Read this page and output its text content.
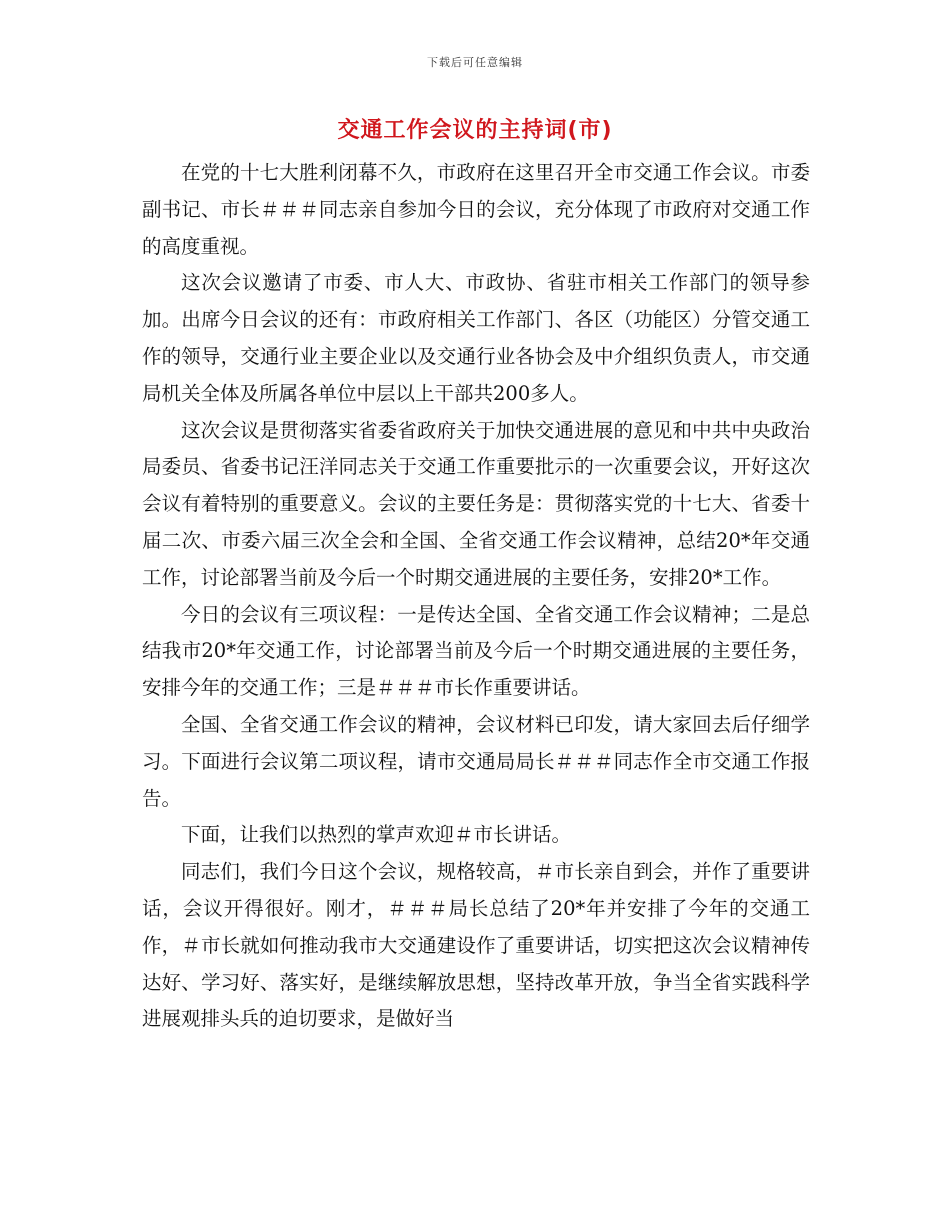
下载后可任意编辑
交通工作会议的主持词(市)

在党的十七大胜利闭幕不久，市政府在这里召开全市交通工作会议。市委副书记、市长＃＃＃同志亲自参加今日的会议，充分体现了市政府对交通工作的高度重视。

这次会议邀请了市委、市人大、市政协、省驻市相关工作部门的领导参加。出席今日会议的还有：市政府相关工作部门、各区（功能区）分管交通工作的领导，交通行业主要企业以及交通行业各协会及中介组织负责人，市交通局机关全体及所属各单位中层以上干部共200多人。

这次会议是贯彻落实省委省政府关于加快交通进展的意见和中共中央政治局委员、省委书记汪洋同志关于交通工作重要批示的一次重要会议，开好这次会议有着特别的重要意义。会议的主要任务是：贯彻落实党的十七大、省委十届二次、市委六届三次全会和全国、全省交通工作会议精神，总结20*年交通工作，讨论部署当前及今后一个时期交通进展的主要任务，安排20*工作。

今日的会议有三项议程：一是传达全国、全省交通工作会议精神；二是总结我市20*年交通工作，讨论部署当前及今后一个时期交通进展的主要任务，安排今年的交通工作；三是＃＃＃市长作重要讲话。

全国、全省交通工作会议的精神，会议材料已印发，请大家回去后仔细学习。下面进行会议第二项议程，请市交通局局长＃＃＃同志作全市交通工作报告。

下面，让我们以热烈的掌声欢迎＃市长讲话。

同志们，我们今日这个会议，规格较高，＃市长亲自到会，并作了重要讲话，会议开得很好。刚才，＃＃＃局长总结了20*年并安排了今年的交通工作，＃市长就如何推动我市大交通建设作了重要讲话，切实把这次会议精神传达好、学习好、落实好，是继续解放思想，坚持改革开放，争当全省实践科学进展观排头兵的迫切要求，是做好当
